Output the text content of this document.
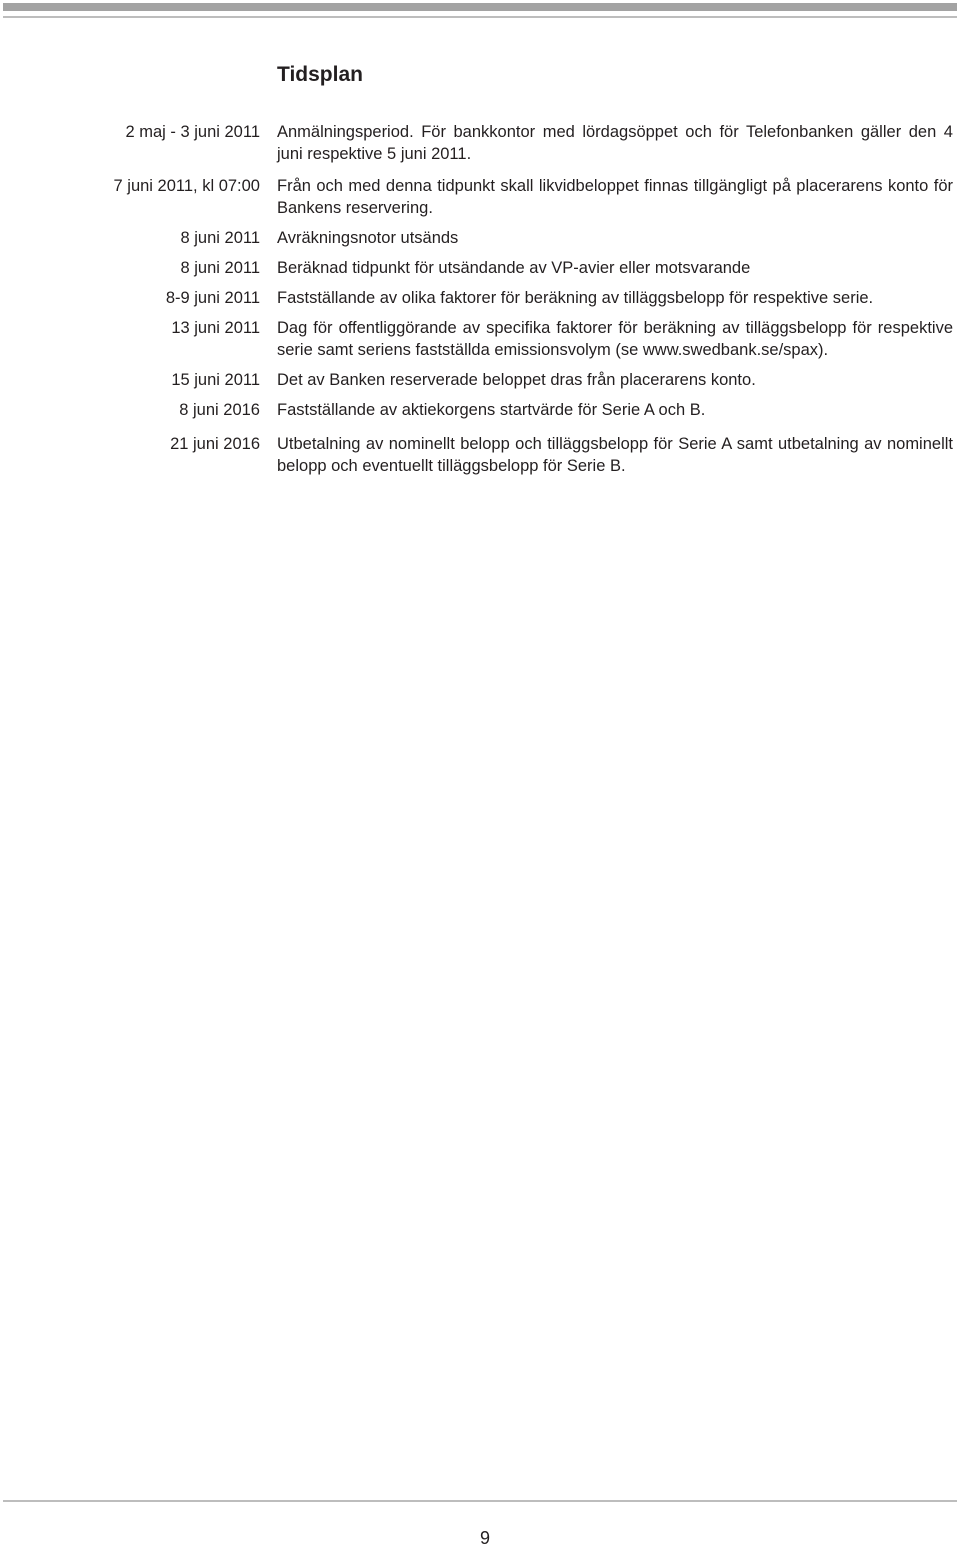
Tidsplan
2 maj - 3 juni 2011 Anmälningsperiod. För bankkontor med lördagsöppet och för Telefonbanken gäller den 4 juni respektive 5 juni 2011.
7 juni 2011, kl 07:00 Från och med denna tidpunkt skall likvidbeloppet finnas tillgängligt på placerarens konto för Bankens reservering.
8 juni 2011 Avräkningsnotor utsänds
8 juni 2011 Beräknad tidpunkt för utsändande av VP-avier eller motsvarande
8-9 juni 2011 Fastställande av olika faktorer för beräkning av tilläggsbelopp för respektive serie.
13 juni 2011 Dag för offentliggörande av specifika faktorer för beräkning av tilläggsbelopp för respektive serie samt seriens fastställda emissionsvolym (se www.swedbank.se/spax).
15 juni 2011 Det av Banken reserverade beloppet dras från placerarens konto.
8 juni 2016 Fastställande av aktiekorgens startvärde för Serie A och B.
21 juni 2016 Utbetalning av nominellt belopp och tilläggsbelopp för Serie A samt utbetalning av nominellt belopp och eventuellt tilläggsbelopp för Serie B.
9
